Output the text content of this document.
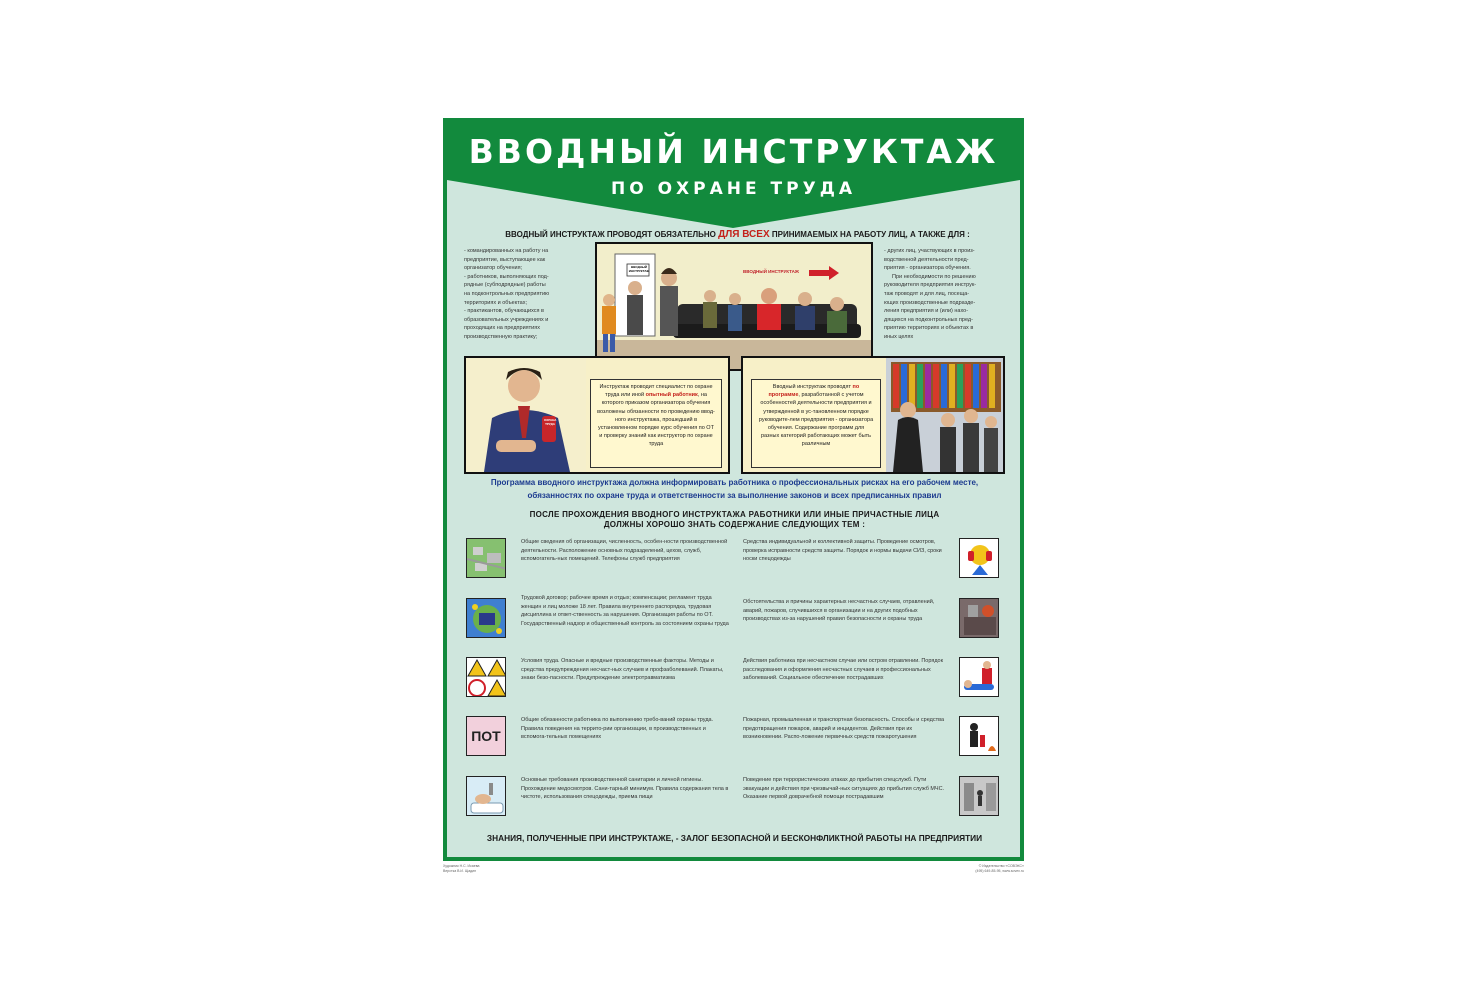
ВВОДНЫЙ ИНСТРУКТАЖ
ПО ОХРАНЕ ТРУДА
ВВОДНЫЙ ИНСТРУКТАЖ ПРОВОДЯТ ОБЯЗАТЕЛЬНО ДЛЯ ВСЕХ ПРИНИМАЕМЫХ НА РАБОТУ ЛИЦ, А ТАКЖЕ ДЛЯ :
- командированных на работу на
предприятие, выступающее как
организатор обучения;
- работников, выполняющих под-
рядные (субподрядные) работы
на подконтрольных предприятию
территориях и объектах;
- практикантов, обучающихся в
образовательных учреждениях и
проходящих на предприятиях
производственную практику;
- других лиц, участвующих в произ-
водственной деятельности пред-
приятия - организатора обучения.
При необходимости по решению
руководителя предприятия инструк-
таж проводят и для лиц, посеща-
ющих производственные подразде-
ления предприятия и (или) нахо-
дящихся на подконтрольных пред-
приятию территориях и объектах в
иных целях
ВВОДНЫЙ ИНСТРУКТАЖ	ВВОДНЫЙ ИНСТРУКТАЖ
ОХРАНА ТРУДА
Инструктаж проводит специалист по охране труда или иной опытный работник, на которого приказом организатора обучения возложены обязанности по проведению ввод-ного инструктажа, прошедший в установленном порядке курс обучения по ОТ и проверку знаний как инструктор по охране труда
Вводный инструктаж проводят по программе, разработанной с учетом особенностей деятельности предприятия и утвержденной в ус-тановленном порядке руководите-лем предприятия - организатора обучения. Содержание программ для разных категорий работающих может быть различным
Программа вводного инструктажа должна информировать работника о профессиональных рисках на его рабочем месте,
обязанностях по охране труда и ответственности за выполнение законов и всех предписанных правил
ПОСЛЕ ПРОХОЖДЕНИЯ ВВОДНОГО ИНСТРУКТАЖА РАБОТНИКИ ИЛИ ИНЫЕ ПРИЧАСТНЫЕ ЛИЦА
ДОЛЖНЫ ХОРОШО ЗНАТЬ СОДЕРЖАНИЕ СЛЕДУЮЩИХ ТЕМ :
ПОТ
Общие сведения об организации, численность, особен-ности производственной деятельности. Расположение основных подразделений, цехов, служб, вспомогатель-ных помещений. Телефоны служб предприятия
Трудовой договор; рабочее время и отдых; компенсации; регламент труда женщин и лиц моложе 18 лет. Правила внутреннего распорядка, трудовая дисциплина и ответ-ственность за нарушения. Организация работы по ОТ. Государственный надзор и общественный контроль за состоянием охраны труда
Условия труда. Опасные и вредные производственные факторы. Методы и средства предупреждения несчаст-ных случаев и профзаболеваний. Плакаты, знаки безо-пасности. Предупреждение электротравматизма
Общие обязанности работника по выполнению требо-ваний охраны труда. Правила поведения на террито-рии организации, в производственных и вспомога-тельных помещениях
Основные требования производственной санитарии и личной гигиены. Прохождение медосмотров. Сани-тарный минимум. Правила содержания тела в чистоте, использования спецодежды, приема пищи
Средства индивидуальной и коллективной защиты. Проведение осмотров, проверка исправности средств защиты. Порядок и нормы выдачи СИЗ, сроки носки спецодежды
Обстоятельства и причины характерных несчастных случаев, отравлений, аварий, пожаров, случившихся в организации и на других подобных производствах из-за нарушений правил безопасности и охраны труда
Действия работника при несчастном случае или остром отравлении. Порядок расследования и оформления несчастных случаев и профессиональных заболеваний. Социальное обеспечение пострадавших
Пожарная, промышленная и транспортная безопасность. Способы и средства предотвращения пожаров, аварий и инцидентов. Действия при их возникновении. Распо-ложение первичных средств пожаротушения
Поведение при террористических атаках до прибытия спецслужб. Пути эвакуации и действия при чрезвычай-ных ситуациях до прибытия служб МЧС. Оказание первой доврачебной помощи пострадавшим
ЗНАНИЯ, ПОЛУЧЕННЫЕ ПРИ ИНСТРУКТАЖЕ, - ЗАЛОГ БЕЗОПАСНОЙ И БЕСКОНФЛИКТНОЙ РАБОТЫ НА ПРЕДПРИЯТИИ
Художник Н.С. Исаева
Верстка В.И. Щадин
© Издательство «СОВЭКС»
(495) 649-85-95, www.sovex.ru
